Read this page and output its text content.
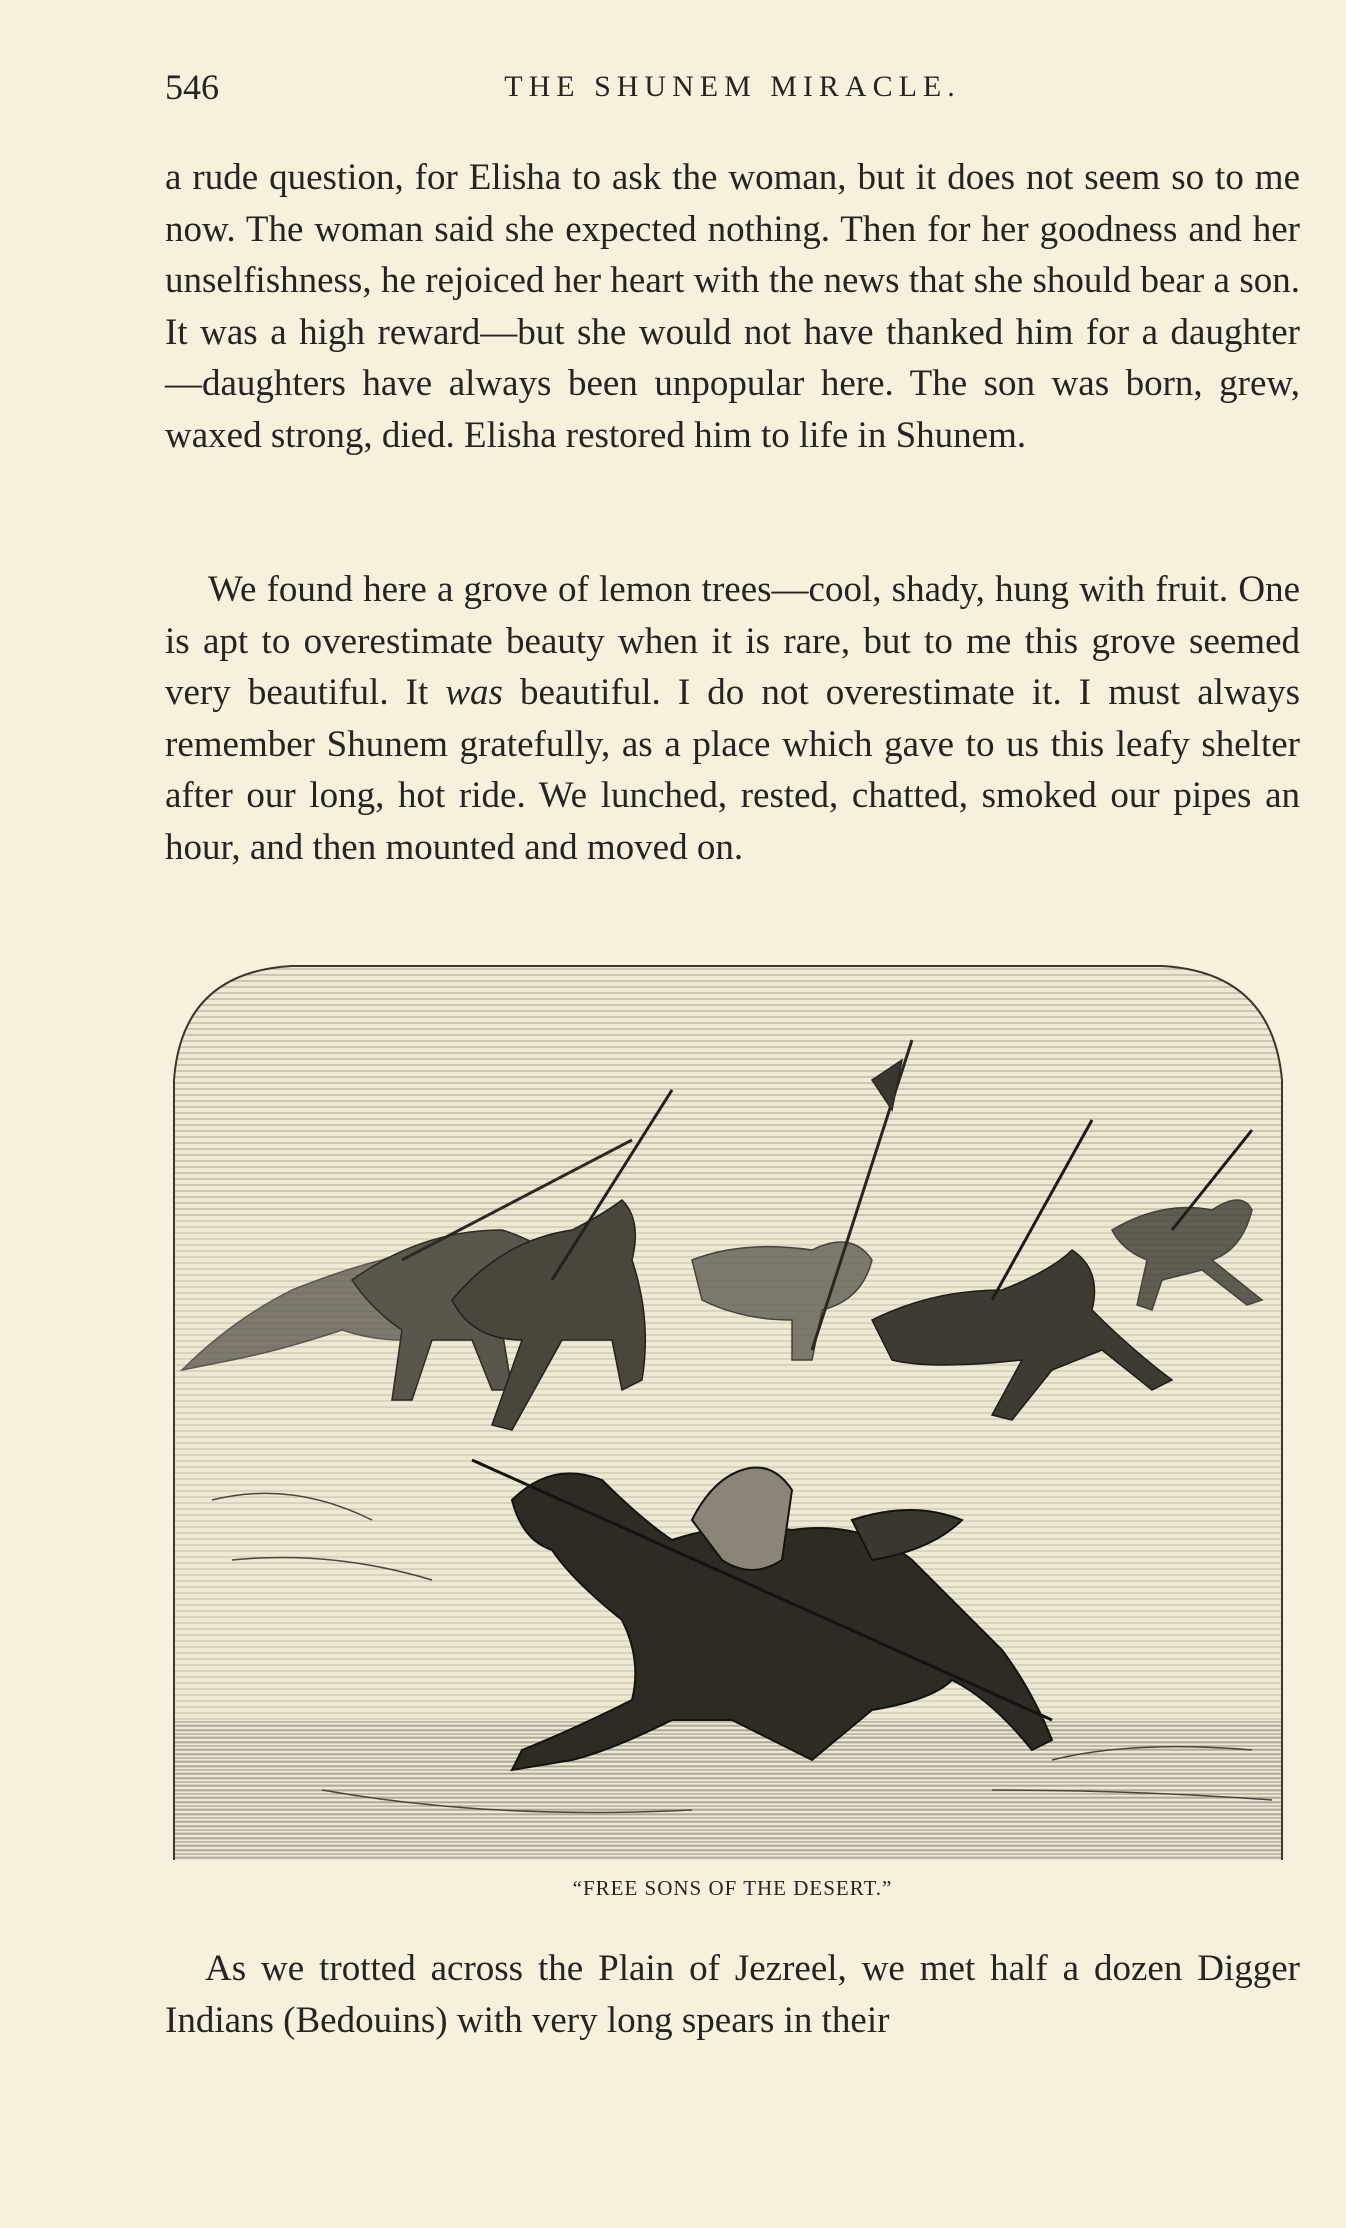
546	THE SHUNEM MIRACLE.

a rude question, for Elisha to ask the woman, but it does not seem so to me now. The woman said she expected nothing. Then for her goodness and her unselfishness, he rejoiced her heart with the news that she should bear a son. It was a high reward—but she would not have thanked him for a daughter —daughters have always been unpopular here. The son was born, grew, waxed strong, died. Elisha restored him to life in Shunem.

We found here a grove of lemon trees—cool, shady, hung with fruit. One is apt to overestimate beauty when it is rare, but to me this grove seemed very beautiful. It was beautiful. I do not overestimate it. I must always remember Shunem gratefully, as a place which gave to us this leafy shelter after our long, hot ride. We lunched, rested, chatted, smoked our pipes an hour, and then mounted and moved on.

“FREE SONS OF THE DESERT.”

As we trotted across the Plain of Jezreel, we met half a dozen Digger Indians (Bedouins) with very long spears in their
